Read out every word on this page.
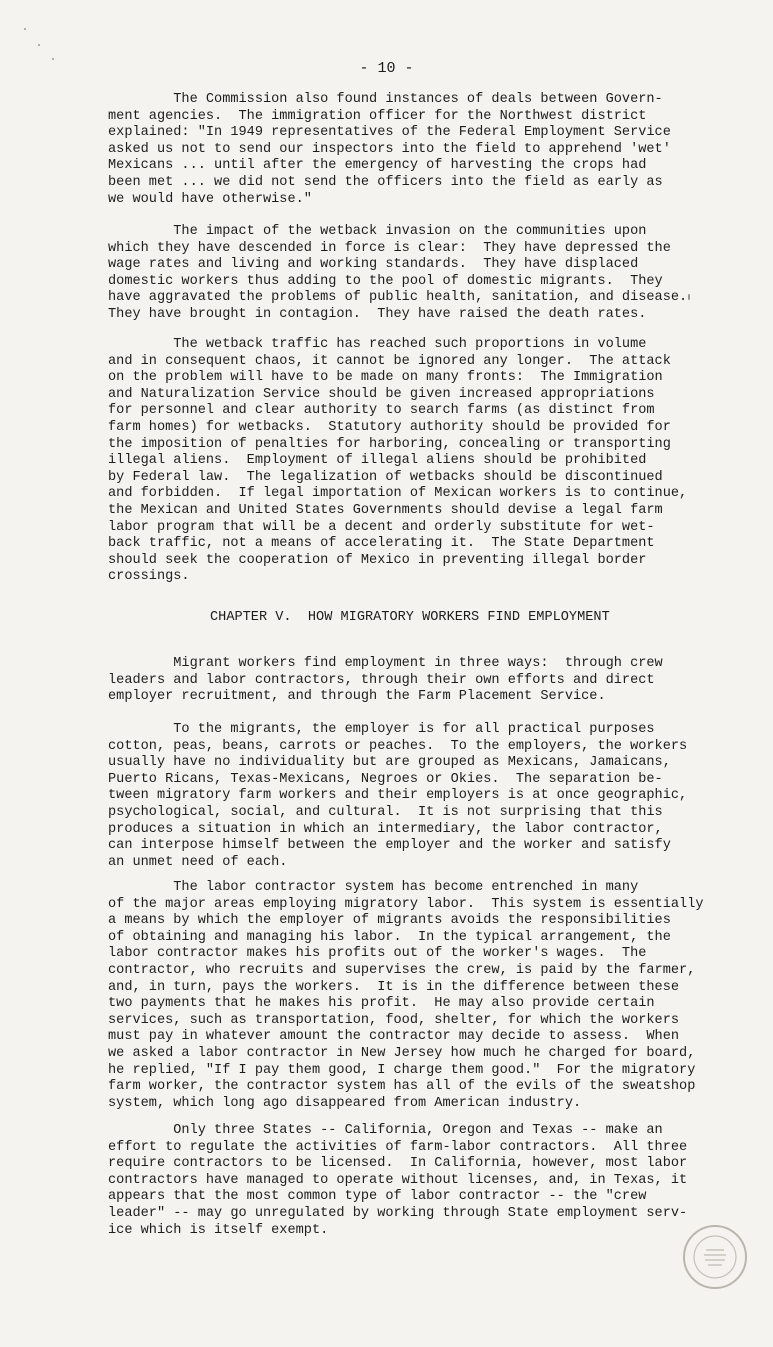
- 10 -

The Commission also found instances of deals between Govern-
ment agencies.  The immigration officer for the Northwest district
explained: "In 1949 representatives of the Federal Employment Service
asked us not to send our inspectors into the field to apprehend 'wet'
Mexicans ... until after the emergency of harvesting the crops had
been met ... we did not send the officers into the field as early as
we would have otherwise."

The impact of the wetback invasion on the communities upon
which they have descended in force is clear:  They have depressed the
wage rates and living and working standards.  They have displaced
domestic workers thus adding to the pool of domestic migrants.  They
have aggravated the problems of public health, sanitation, and disease.
They have brought in contagion.  They have raised the death rates.

The wetback traffic has reached such proportions in volume
and in consequent chaos, it cannot be ignored any longer.  The attack
on the problem will have to be made on many fronts:  The Immigration
and Naturalization Service should be given increased appropriations
for personnel and clear authority to search farms (as distinct from
farm homes) for wetbacks.  Statutory authority should be provided for
the imposition of penalties for harboring, concealing or transporting
illegal aliens.  Employment of illegal aliens should be prohibited
by Federal law.  The legalization of wetbacks should be discontinued
and forbidden.  If legal importation of Mexican workers is to continue,
the Mexican and United States Governments should devise a legal farm
labor program that will be a decent and orderly substitute for wet-
back traffic, not a means of accelerating it.  The State Department
should seek the cooperation of Mexico in preventing illegal border
crossings.

CHAPTER V.  HOW MIGRATORY WORKERS FIND EMPLOYMENT

Migrant workers find employment in three ways:  through crew
leaders and labor contractors, through their own efforts and direct
employer recruitment, and through the Farm Placement Service.

To the migrants, the employer is for all practical purposes
cotton, peas, beans, carrots or peaches.  To the employers, the workers
usually have no individuality but are grouped as Mexicans, Jamaicans,
Puerto Ricans, Texas-Mexicans, Negroes or Okies.  The separation be-
tween migratory farm workers and their employers is at once geographic,
psychological, social, and cultural.  It is not surprising that this
produces a situation in which an intermediary, the labor contractor,
can interpose himself between the employer and the worker and satisfy
an unmet need of each.

The labor contractor system has become entrenched in many
of the major areas employing migratory labor.  This system is essentially
a means by which the employer of migrants avoids the responsibilities
of obtaining and managing his labor.  In the typical arrangement, the
labor contractor makes his profits out of the worker's wages.  The
contractor, who recruits and supervises the crew, is paid by the farmer,
and, in turn, pays the workers.  It is in the difference between these
two payments that he makes his profit.  He may also provide certain
services, such as transportation, food, shelter, for which the workers
must pay in whatever amount the contractor may decide to assess.  When
we asked a labor contractor in New Jersey how much he charged for board,
he replied, "If I pay them good, I charge them good."  For the migratory
farm worker, the contractor system has all of the evils of the sweatshop
system, which long ago disappeared from American industry.

Only three States -- California, Oregon and Texas -- make an
effort to regulate the activities of farm-labor contractors.  All three
require contractors to be licensed.  In California, however, most labor
contractors have managed to operate without licenses, and, in Texas, it
appears that the most common type of labor contractor -- the "crew
leader" -- may go unregulated by working through State employment serv-
ice which is itself exempt.
